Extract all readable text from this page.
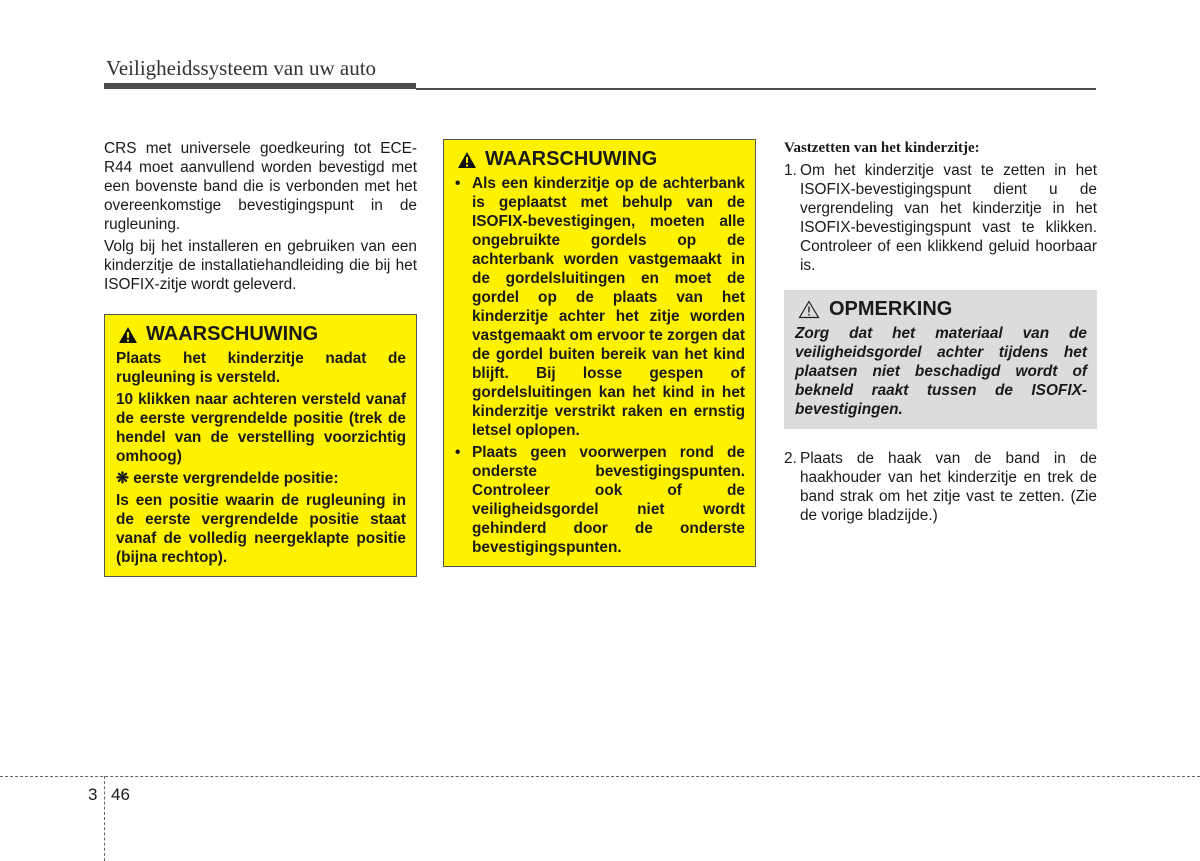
Veiligheidssysteem van uw auto

CRS met universele goedkeuring tot ECE-R44 moet aanvullend worden bevestigd met een bovenste band die is verbonden met het overeenkomstige bevestigingspunt in de rugleuning.

Volg bij het installeren en gebruiken van een kinderzitje de installatiehandleiding die bij het ISOFIX-zitje wordt geleverd.

WAARSCHUWING

Plaats het kinderzitje nadat de rugleuning is versteld.

10 klikken naar achteren versteld vanaf de eerste vergrendelde positie (trek de hendel van de verstelling voorzichtig omhoog)

❋ eerste vergrendelde positie:

Is een positie waarin de rugleuning in de eerste vergrendelde positie staat vanaf de volledig neergeklapte positie (bijna rechtop).

WAARSCHUWING
• Als een kinderzitje op de achterbank is geplaatst met behulp van de ISOFIX-bevestigingen, moeten alle ongebruikte gordels op de achterbank worden vastgemaakt in de gordelsluitingen en moet de gordel op de plaats van het kinderzitje achter het zitje worden vastgemaakt om ervoor te zorgen dat de gordel buiten bereik van het kind blijft. Bij losse gespen of gordelsluitingen kan het kind in het kinderzitje verstrikt raken en ernstig letsel oplopen.
• Plaats geen voorwerpen rond de onderste bevestigingspunten. Controleer ook of de veiligheidsgordel niet wordt gehinderd door de onderste bevestigingspunten.

Vastzetten van het kinderzitje:

1. Om het kinderzitje vast te zetten in het ISOFIX-bevestigingspunt dient u de vergrendeling van het kinderzitje in het ISOFIX-bevestigingspunt vast te klikken. Controleer of een klikkend geluid hoorbaar is.
OPMERKING
Zorg dat het materiaal van de veiligheidsgordel achter tijdens het plaatsen niet beschadigd wordt of bekneld raakt tussen de ISOFIX-bevestigingen.
2. Plaats de haak van de band in de haakhouder van het kinderzitje en trek de band strak om het zitje vast te zetten. (Zie de vorige bladzijde.)
3 46
